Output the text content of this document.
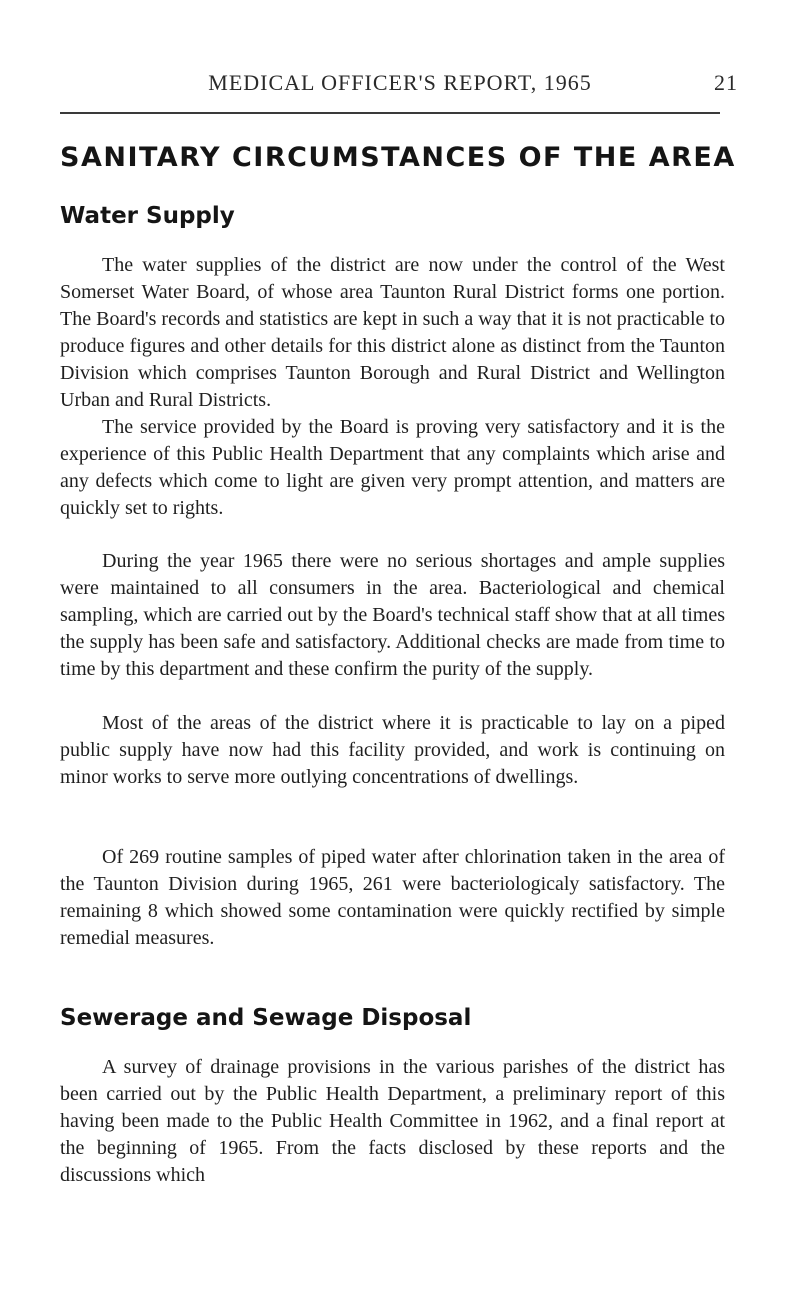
MEDICAL OFFICER'S REPORT, 1965	21
SANITARY CIRCUMSTANCES OF THE AREA
Water Supply

The water supplies of the district are now under the control of the West Somerset Water Board, of whose area Taunton Rural District forms one portion. The Board's records and statistics are kept in such a way that it is not practicable to produce figures and other details for this district alone as distinct from the Taunton Division which comprises Taunton Borough and Rural District and Wellington Urban and Rural Districts.

The service provided by the Board is proving very satisfactory and it is the experience of this Public Health Department that any complaints which arise and any defects which come to light are given very prompt attention, and matters are quickly set to rights.

During the year 1965 there were no serious shortages and ample supplies were maintained to all consumers in the area. Bacteriological and chemical sampling, which are carried out by the Board's technical staff show that at all times the supply has been safe and satisfactory. Additional checks are made from time to time by this department and these confirm the purity of the supply.

Most of the areas of the district where it is practicable to lay on a piped public supply have now had this facility provided, and work is continuing on minor works to serve more outlying concentrations of dwellings.

Of 269 routine samples of piped water after chlorination taken in the area of the Taunton Division during 1965, 261 were bacteriologicaly satisfactory. The remaining 8 which showed some contamination were quickly rectified by simple remedial measures.

Sewerage and Sewage Disposal

A survey of drainage provisions in the various parishes of the district has been carried out by the Public Health Department, a preliminary report of this having been made to the Public Health Committee in 1962, and a final report at the beginning of 1965. From the facts disclosed by these reports and the discussions which
